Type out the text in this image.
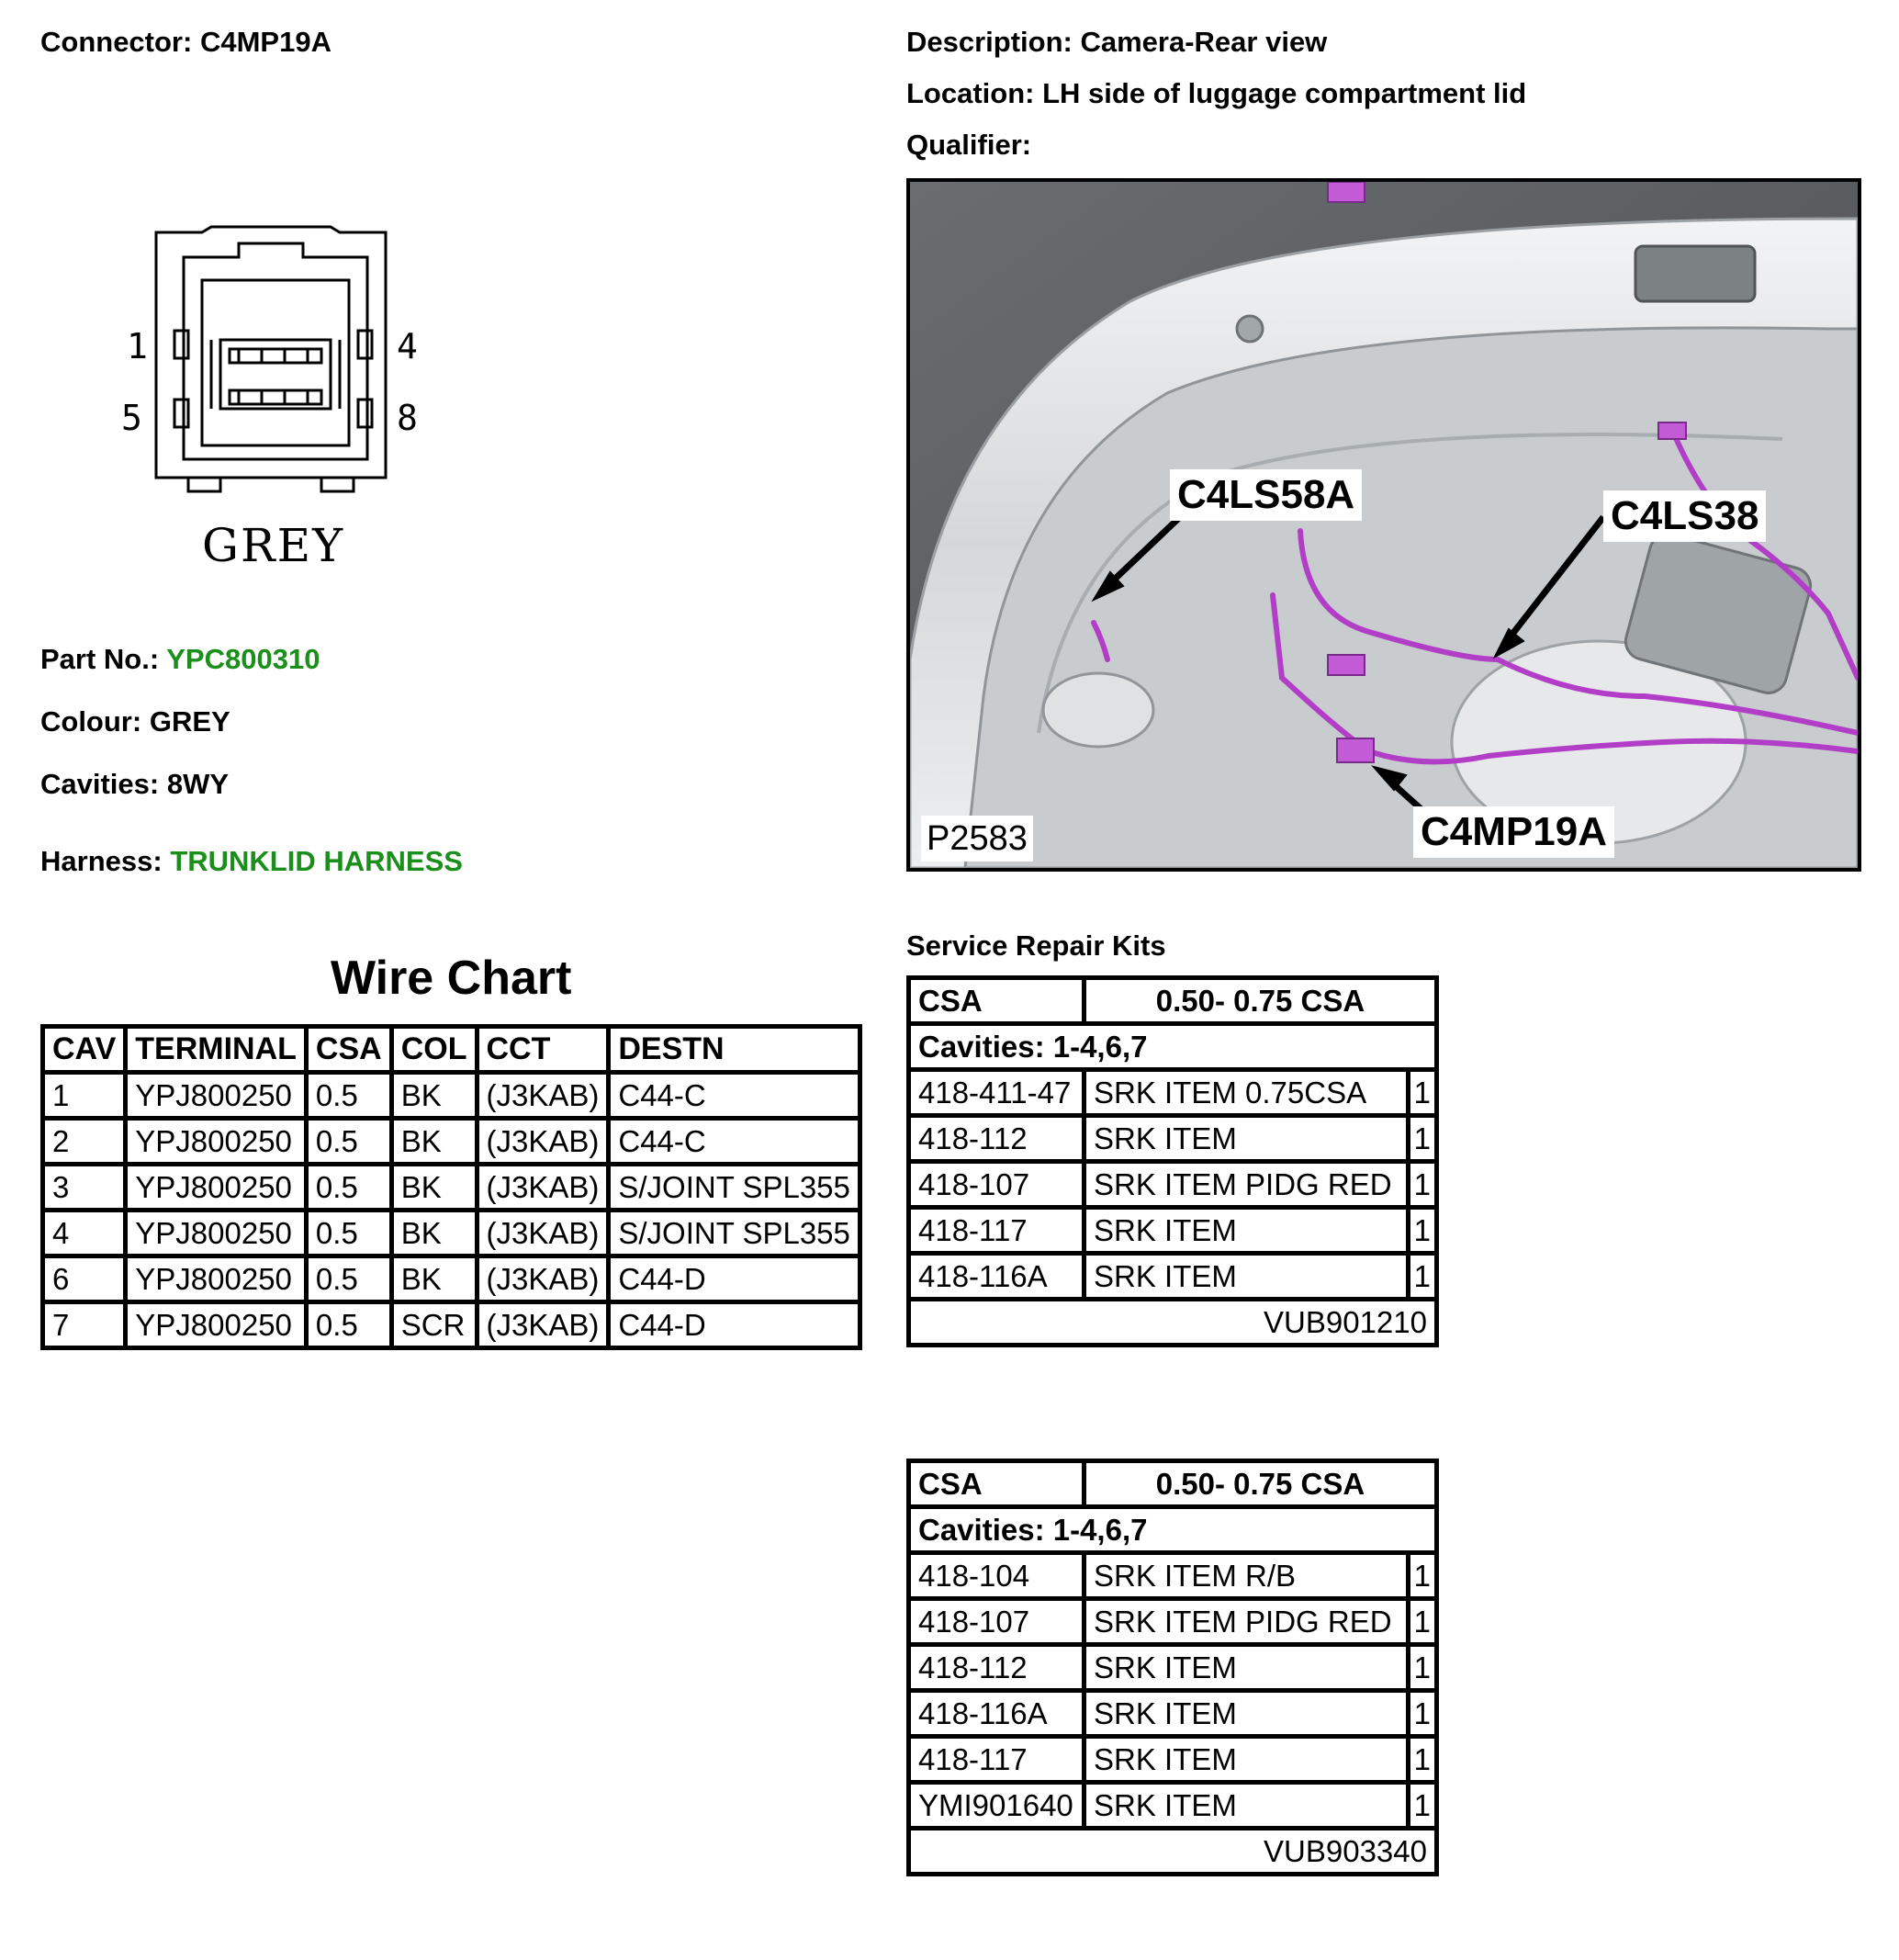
Connector: C4MP19A	Description: Camera-Rear view
Location: LH side of luggage compartment lid
Qualifier:
1	4
5	8
GREY
Part No.: YPC800310
Colour: GREY
Cavities: 8WY
Harness: TRUNKLID HARNESS
C4LS58A	C4LS38
C4MP19A
P2583
Wire Chart
CAV	TERMINAL	CSA	COL	CCT	DESTN
1	YPJ800250	0.5	BK	(J3KAB)	C44-C
2	YPJ800250	0.5	BK	(J3KAB)	C44-C
3	YPJ800250	0.5	BK	(J3KAB)	S/JOINT SPL355
4	YPJ800250	0.5	BK	(J3KAB)	S/JOINT SPL355
6	YPJ800250	0.5	BK	(J3KAB)	C44-D
7	YPJ800250	0.5	SCR	(J3KAB)	C44-D
Service Repair Kits
CSA	0.50- 0.75 CSA	
Cavities: 1-4,6,7		
418-411-47	SRK ITEM 0.75CSA	1
418-112	SRK ITEM	1
418-107	SRK ITEM PIDG RED	1
418-117	SRK ITEM	1
418-116A	SRK ITEM	1
VUB901210		
CSA	0.50- 0.75 CSA	
Cavities: 1-4,6,7		
418-104	SRK ITEM R/B	1
418-107	SRK ITEM PIDG RED	1
418-112	SRK ITEM	1
418-116A	SRK ITEM	1
418-117	SRK ITEM	1
YMI901640	SRK ITEM	1
VUB903340		
